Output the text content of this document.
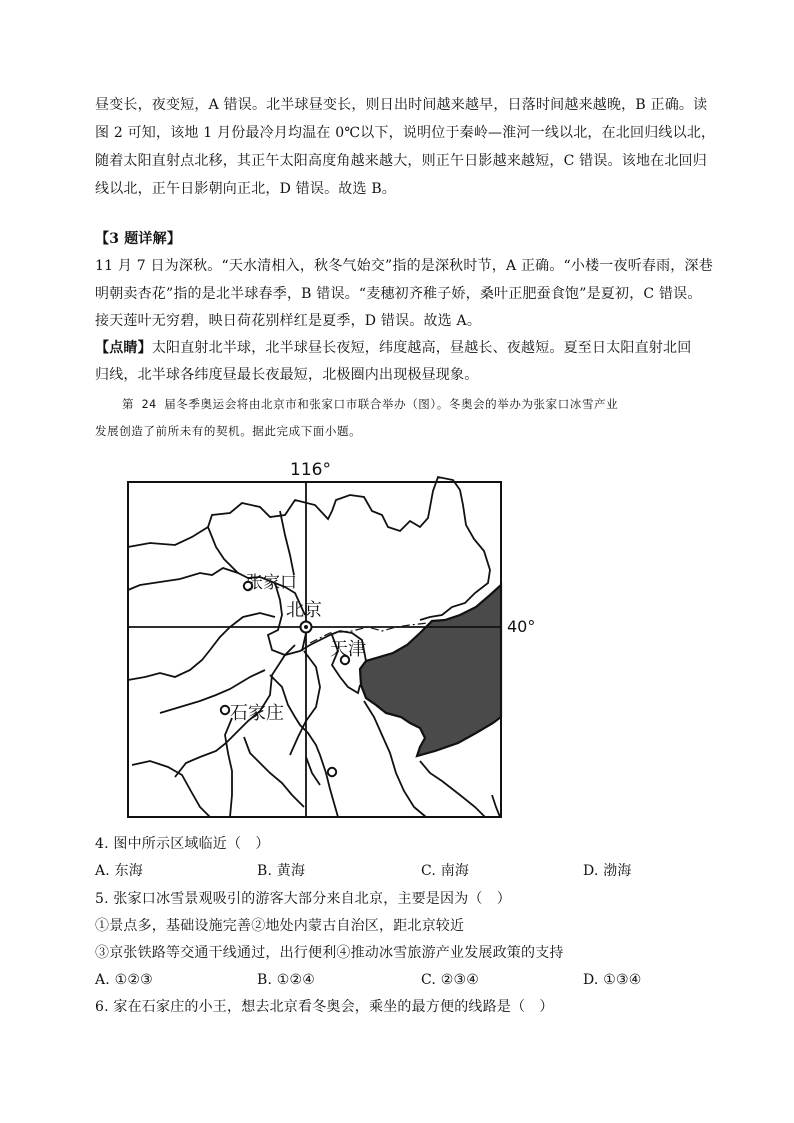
昼变长，夜变短，A 错误。北半球昼变长，则日出时间越来越早，日落时间越来越晚，B 正确。读
图 2 可知，该地 1 月份最冷月均温在 0℃以下，说明位于秦岭—淮河一线以北，在北回归线以北，
随着太阳直射点北移，其正午太阳高度角越来越大，则正午日影越来越短，C 错误。该地在北回归
线以北，正午日影朝向正北，D 错误。故选 B。
【3 题详解】
11 月 7 日为深秋。“天水清相入，秋冬气始交”指的是深秋时节，A 正确。“小楼一夜听春雨，深巷
明朝卖杏花”指的是北半球春季，B 错误。“麦穗初齐稚子娇，桑叶正肥蚕食饱”是夏初，C 错误。
接天莲叶无穷碧，映日荷花别样红是夏季，D 错误。故选 A。
【点睛】太阳直射北半球，北半球昼长夜短，纬度越高，昼越长、夜越短。夏至日太阳直射北回
归线，北半球各纬度昼最长夜最短，北极圈内出现极昼现象。
第 24 届冬季奥运会将由北京市和张家口市联合举办（图）。冬奥会的举办为张家口冰雪产业
发展创造了前所未有的契机。据此完成下面小题。
116°
40°
张家口
北京
天津
石家庄
4. 图中所示区域临近（　）
A. 东海	B. 黄海	C. 南海	D. 渤海
5. 张家口冰雪景观吸引的游客大部分来自北京，主要是因为（　）
①景点多，基础设施完善②地处内蒙古自治区，距北京较近
③京张铁路等交通干线通过，出行便利④推动冰雪旅游产业发展政策的支持
A. ①②③	B. ①②④	C. ②③④	D. ①③④
6. 家在石家庄的小王，想去北京看冬奥会，乘坐的最方便的线路是（　）
